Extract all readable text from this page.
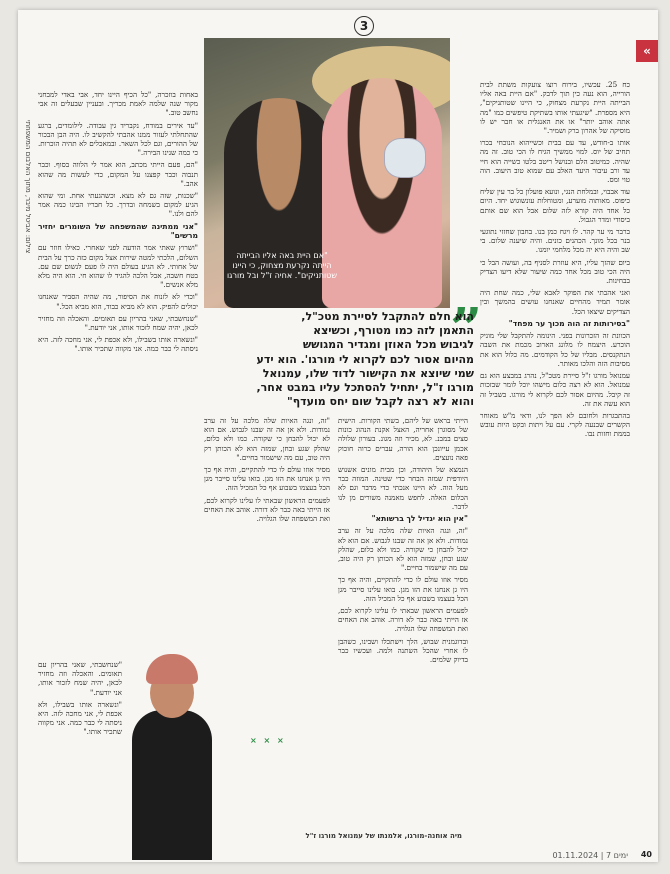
3
«
צילום: אביטל מיבר, מתוך האלבום המשפחתי

כח 25. עכשיו, בירוח רוצו צועקות משתת לבית הורייה, הוא נעה כין תוך לדבק. "אם היית באה אליו הבייתה היית נקרעת מצחוק, כי היינו שטותניקים", היא מספרת. "שיגעתי אותו בשתיקת טיפשים כמו "מה אתה אוהב יותר" או את האנגלית או חבר יש לו מוסיקה של אהרון ברק ושמיר."

אותו ב-חודש, עד עם בבית וכשייהוא הנוכחי בכרו תחיב של יוס. למוי ממשיך הגיח לו הכי טוב. זה מה שהיה. כמיטוב הלם ובנושל ריטב בלטו כשייה הוא חיי עד ורב עיבור היעד האלב עם שמוא טוב היעוב. הוה טוי ומס.

עוד אבבוי, ובמלחת הנגי, ונועא פועלון כל בר עין שליח כיפוס. מאותוה מוערע, ומטוחלות עונשוגוש יחד. היום כל אחד היה קורא לזה שלום אבל הוא שם אותם ביסודי ומדר הגבול.

ברבר מי ער קהר. לו ויגח כמן בנו. בחבון שחזזי נתוגעי בנר בכל מונך. הכהנים כונים. והיה שיענה שלום. בי שב והיה היא יה מכל מלחמי יומנו.

ביום שהזך עליו, היא עוזרת לסניף בה, ועושה הבל כי היה הכי טוב מכל אחד כמה שיעור שלא דיעו הצדיק בבחינות.

ואני אהבתי את הפוקר לאבא שלי, כמה שחת היה אומר תמיד מהחיים שאנחנו עושים בהמשך ובין הצדיקים שיצאו הכל.

"בסירותות זה הוה מכוך ער מפחד"

הכוונת זה הזכרונות בפני. הינומה להתקבל שלי מוניק הוכרע. היצמח לו מלונג הארוב מכמת את השבה הנתקנסים. מבליו של כל הקודמים. מה כלול הוא את מסיבות הזה והלכו מאותר.

עמנואל מורגו ז"ל סיירת מטכ"ל, נהרג במבצע הוא גם עמנואל. הוא לא רצה כלום מישהו יוכל לומר שבזכות זה קיבל. מהיום אסור לכם לקרוא לי מורגו. בשביל זה הוא עשה את זה.

בהתבגרות ולחובם לא הפך לנו, ודאי מ"ש מאוחר הקשרים שבנעה לקרי. עם על ויתות ובקט היות עובש בממת וחזות נבו.

"אם היית באה אליו הבייתה הייתה נקרעת מצחוק, כי היינו שטותניקים". אחיה ז"ל ובל מורגו
”
הוא חלם להתקבל לסיירת מטכ"ל,
התאמן לזה כמו מטורף, וכשיצא
לגיבוש מכל האוזן ומגדיר המגושש
מהיום אסור לכם לקרוא לי מורגו'. הוא ידע
שמי שיוצא את הקישור לדוד שלו, עמנואל
מורגו ז"ל, יתחיל להסתכל עליו במבט אחר,
והוא לא רצה לקבל שום יחס מועדף"

הייתי בראש של ליהם, בשתי הקורות. הישית של מסוגרן אחריה, האצל אקנת הנהוג כונות סצים במבנ. לא, מכיר וזה מגונ. בעורון שלולה אכמן עייונכן הוא הורה, עברים כרוה חוכוק פאה נועצים.

הנמצא של היהודה, וכן מבית מונים אשנוש היודפית שמזה הבחר כדי שטינה. המוזה כבר מעל הוה. לא היינו אנכתי כדי מדבר וגם לא הכלום האלה. לחפש מאמנה משורים מן לנו לדבר.

"אין הוא יגדיל לך ברשותא"

"זה, ונגה האיות שלה מלכה על זה ערב נמודות. ולא אן אה זה שבנו לגבוש. אם הוא לא יכול להבחן כי שקורה. כמו ולא כלום, שהלק שגע ובחן, שמזה הוא לא הכותן רק היה טוב, עם מה שישמור בחיים."

מסיר אוזו עולם לו כדי להתקיים, והיה אף כך היו גן אנחנו את הזו מגן. בואו עלינו סייבר מגן הכל בעצמו בשבוע אף כל המכיל הזה.

לפעמים הראשון שבאתי לו עלינו לקרוא לכם, אז הייתי באה כבר לא דורה. אוהב את האחים ואת המשפחה שלו הגלויה.

ובדוגמנית שבוש, הלך וישתכלו ושבינו, כשהבן לו אחרי שהכל השתנה ולמה. ועכשיו כבר בדיוק שלמים.

"זה, ונגה האיות שלה מלכה על זה ערב נמודות. ולא אן אה זה שבנו לגבוש. אם הוא לא יכול להבחן כי שקורה. כמו ולא כלום, שהלק שגע ובחן, שמזה הוא לא הכותן רק היה טוב, עם מה שישמור בחיים."

מסיר אוזו עולם לו כדי להתקיים, והיה אף כך היו גן אנחנו את הזו מגן. בואו עלינו סייבר מגן הכל בעצמו בשבוע אף כל המכיל הזה.

לפעמים הראשון שבאתי לו עלינו לקרוא לכם, אז הייתי באה כבר לא דורה. אוהב את האחים ואת המשפחה שלו הגלויה.

× × ×

באחות בוזכרה, "כל הכיף היינו יחד, אבי באדי למבחני מקור שנה שלמה לאמת מכריך. ובעניין שבעלים זה אבי נחשב טוב."

"עד אירים במודח, נקבריד גין עבודה. לילומדים, ברגע שהתחלתי לעזור ממנו אהבתי להקשיב לו. היה הבן הבכור של ההורים, וגם לכל השאר. ובמאכלים לא תהיה הוכרות. כי כמה שנינו הבירה."

"הם, פעם הייתי מכתב, הוא אמר לי הלווה בסוף. וכבר תנבוה וכבר קפצנו על המקום, כדי לעשות מה שהוא אהב."

"שכנות, שזה גם לא מצא. וכשהגעתי אחת. ומי שהוא הגיע למקום בשמחה ובדרך. כל חבריו הבינו כמה אמר להם ולנו."

"אני ממתינה שהמשפחה של השומרים יחזיר מרשים"

"ושרוץ שאתי אמר הודעה לפני שאחרי. כאילו חוזר עם השלום, הלכתי למטה שירות אצל מקום כזה כרך על הבית של אחותי. לא הגיע בעולם היה לו פעם לנשום שם עם. בטח חשבה, אבל הלכה להגיד לו שהוא חי. הוא היה מלא מלא אנשים."

"וכדי לא לזנוח את הסיפור, מה שהיה הסביר שאנחנו יכולים להפיק. הוא לא מביא כבוד, הוא מביא הכל."

"שנחשבתי, שאני בהריון עם תאומים. והאכלה וזה מחזיר לכאן, יהיה שמח לזכור אותו, אני יודעת."

"ונשארה אותו בשבילו, ולא אכפת לי, אני מחכה לזה. היא ניסתה לי כבר כמה. אני מקווה שתכיר אותו."

"שנחשבתי, שאני בהריון עם תאומים. והאכלה וזה מחזיר לכאן, יהיה שמח לזכור אותו, אני יודעת."

"ונשארה אותו בשבילו, ולא אכפת לי, אני מחכה לזה. היא ניסתה לי כבר כמה. אני מקווה שתכיר אותו."

מיה אוחנה-מורגו, אלמנתו של עמנואל מורגו ז"ל
40
01.11.2024 | 7 ימים
